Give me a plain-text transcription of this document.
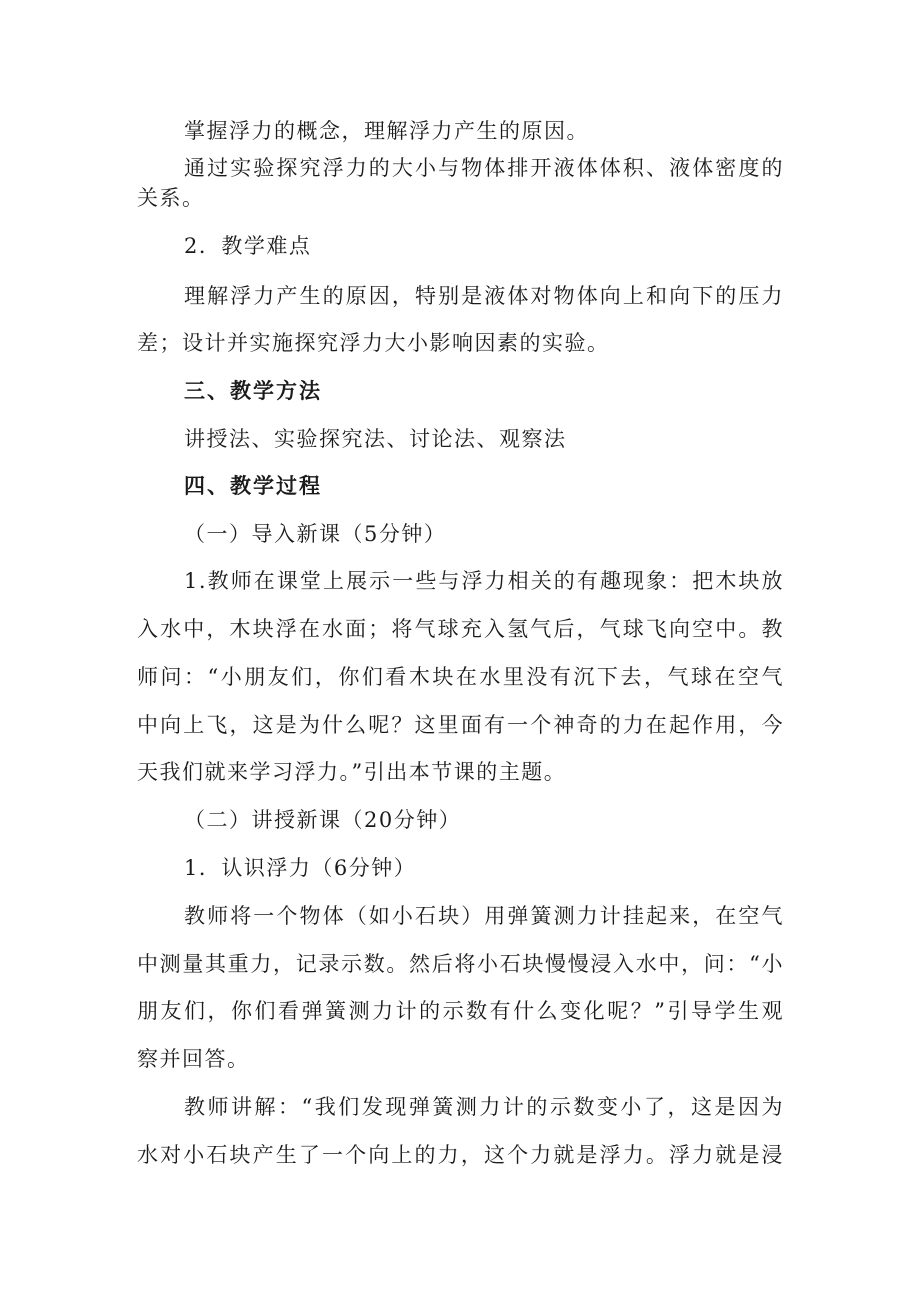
掌握浮力的概念，理解浮力产生的原因。
通过实验探究浮力的大小与物体排开液体体积、液体密度的
关系。
2．教学难点
理解浮力产生的原因，特别是液体对物体向上和向下的压力
差；设计并实施探究浮力大小影响因素的实验。
三、教学方法
讲授法、实验探究法、讨论法、观察法
四、教学过程
（一）导入新课（5分钟）
1.教师在课堂上展示一些与浮力相关的有趣现象：把木块放
入水中，木块浮在水面；将气球充入氢气后，气球飞向空中。教
师问：“小朋友们，你们看木块在水里没有沉下去，气球在空气
中向上飞，这是为什么呢？这里面有一个神奇的力在起作用，今
天我们就来学习浮力。”引出本节课的主题。
（二）讲授新课（20分钟）
1．认识浮力（6分钟）
教师将一个物体（如小石块）用弹簧测力计挂起来，在空气
中测量其重力，记录示数。然后将小石块慢慢浸入水中，问：“小
朋友们，你们看弹簧测力计的示数有什么变化呢？”引导学生观
察并回答。
教师讲解：“我们发现弹簧测力计的示数变小了，这是因为
水对小石块产生了一个向上的力，这个力就是浮力。浮力就是浸
